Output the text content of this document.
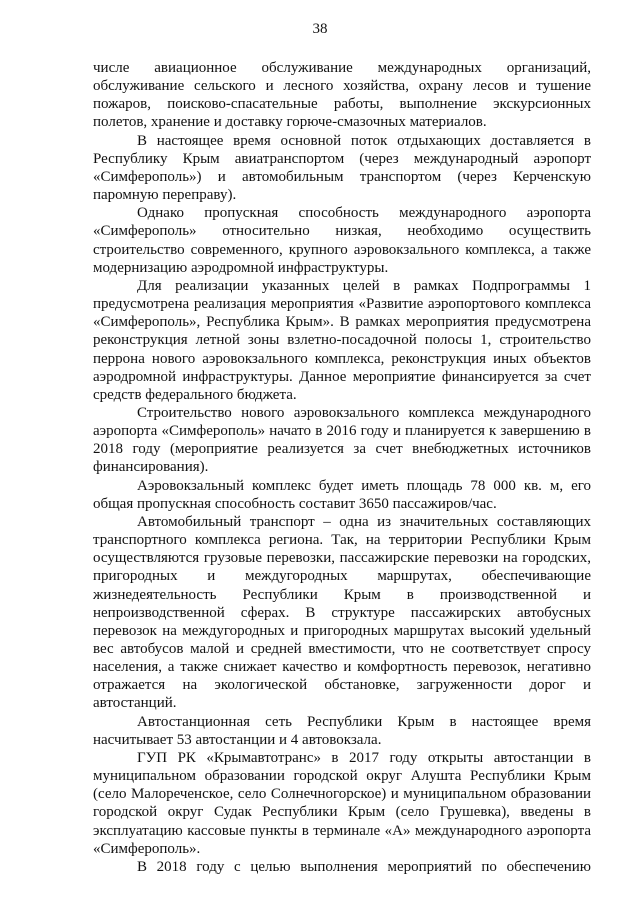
38

числе авиационное обслуживание международных организаций, обслуживание сельского и лесного хозяйства, охрану лесов и тушение пожаров, поисково-спасательные работы, выполнение экскурсионных полетов, хранение и доставку горюче-смазочных материалов.

В настоящее время основной поток отдыхающих доставляется в Республику Крым авиатранспортом (через международный аэропорт «Симферополь») и автомобильным транспортом (через Керченскую паромную переправу).

Однако пропускная способность международного аэропорта «Симферополь» относительно низкая, необходимо осуществить строительство современного, крупного аэровокзального комплекса, а также модернизацию аэродромной инфраструктуры.

Для реализации указанных целей в рамках Подпрограммы 1 предусмотрена реализация мероприятия «Развитие аэропортового комплекса «Симферополь», Республика Крым». В рамках мероприятия предусмотрена реконструкция летной зоны взлетно-посадочной полосы 1, строительство перрона нового аэровокзального комплекса, реконструкция иных объектов аэродромной инфраструктуры. Данное мероприятие финансируется за счет средств федерального бюджета.

Строительство нового аэровокзального комплекса международного аэропорта «Симферополь» начато в 2016 году и планируется к завершению в 2018 году (мероприятие реализуется за счет внебюджетных источников финансирования).

Аэровокзальный комплекс будет иметь площадь 78 000 кв. м, его общая пропускная способность составит 3650 пассажиров/час.

Автомобильный транспорт – одна из значительных составляющих транспортного комплекса региона. Так, на территории Республики Крым осуществляются грузовые перевозки, пассажирские перевозки на городских, пригородных и междугородных маршрутах, обеспечивающие жизнедеятельность Республики Крым в производственной и непроизводственной сферах. В структуре пассажирских автобусных перевозок на междугородных и пригородных маршрутах высокий удельный вес автобусов малой и средней вместимости, что не соответствует спросу населения, а также снижает качество и комфортность перевозок, негативно отражается на экологической обстановке, загруженности дорог и автостанций.

Автостанционная сеть Республики Крым в настоящее время насчитывает 53 автостанции и 4 автовокзала.

ГУП РК «Крымавтотранс» в 2017 году открыты автостанции в муниципальном образовании городской округ Алушта Республики Крым (село Малореченское, село Солнечногорское) и муниципальном образовании городской округ Судак Республики Крым (село Грушевка), введены в эксплуатацию кассовые пункты в терминале «А» международного аэропорта «Симферополь».

В 2018 году с целью выполнения мероприятий по обеспечению
